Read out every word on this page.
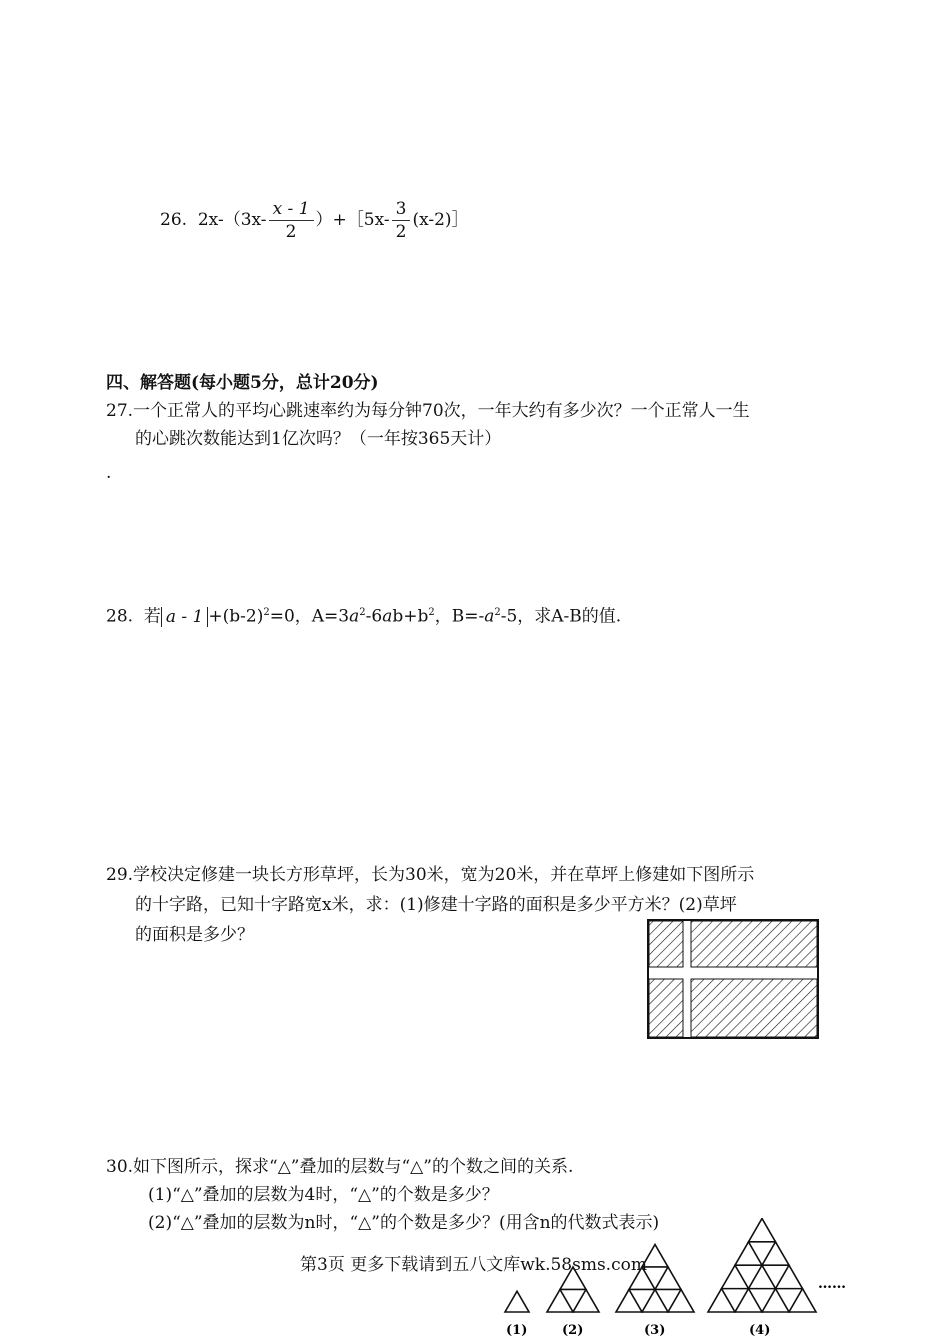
26. $2x-(3x- \frac{x - 1}{2}$ ）+［5x- $\frac{3}{2}$ (x-2)］
四、解答题(每小题5分，总计20分)
27.一个正常人的平均心跳速率约为每分钟70次，一年大约有多少次？一个正常人一生
的心跳次数能达到1亿次吗？（一年按365天计）
.
28. 若 $a - 1 +(b-2)^2=0$，$A=3a^2-6ab+b^2$，$B=-a^2-5$，求A-B的值.
29.学校决定修建一块长方形草坪，长为30米，宽为20米，并在草坪上修建如下图所示
的十字路，已知十字路宽x米，求：(1)修建十字路的面积是多少平方米？(2)草坪
的面积是多少？
30.如下图所示，探求“△”叠加的层数与“△”的个数之间的关系.
(1)“△”叠加的层数为4时，“△”的个数是多少？
(2)“△”叠加的层数为n时，“△”的个数是多少？(用含n的代数式表示)
(1)	(2)	(3)	(4)
……
第3页 更多下载请到五八文库wk.58sms.com
